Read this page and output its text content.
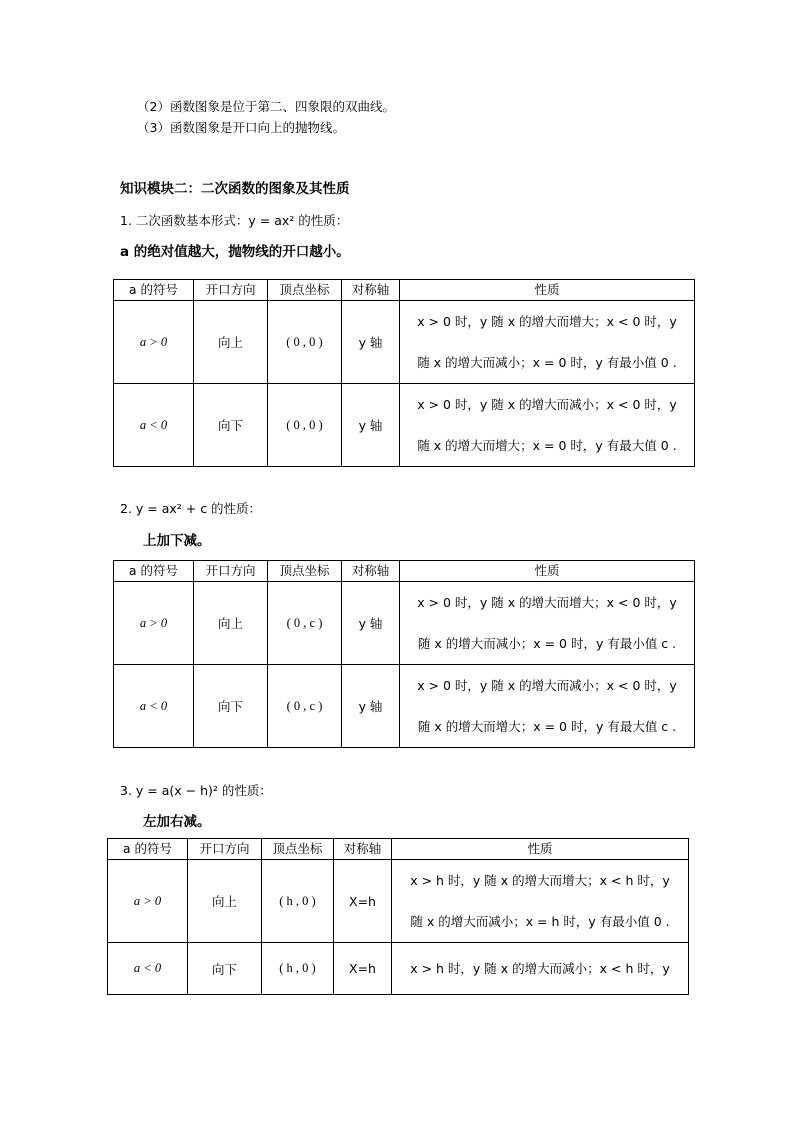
（2）函数图象是位于第二、四象限的双曲线。
（3）函数图象是开口向上的抛物线。
知识模块二：二次函数的图象及其性质
1. 二次函数基本形式：y = ax² 的性质：
a 的绝对值越大，抛物线的开口越小。
a 的符号	开口方向	顶点坐标	对称轴	性质
a > 0	向上	( 0 , 0 )	y 轴	x > 0 时，y 随 x 的增大而增大；x < 0 时，y
随 x 的增大而减小；x = 0 时，y 有最小值 0 .

a < 0	向下	( 0 , 0 )	y 轴	x > 0 时，y 随 x 的增大而减小；x < 0 时，y
随 x 的增大而增大；x = 0 时，y 有最大值 0 .
2. y = ax² + c 的性质：
上加下减。
a 的符号	开口方向	顶点坐标	对称轴	性质
a > 0	向上	( 0 , c )	y 轴	x > 0 时，y 随 x 的增大而增大；x < 0 时，y
随 x 的增大而减小；x = 0 时，y 有最小值 c .

a < 0	向下	( 0 , c )	y 轴	x > 0 时，y 随 x 的增大而减小；x < 0 时，y
随 x 的增大而增大；x = 0 时，y 有最大值 c .
3. y = a(x − h)² 的性质：
左加右减。
a 的符号	开口方向	顶点坐标	对称轴	性质
a > 0	向上	( h , 0 )	X=h	x > h 时，y 随 x 的增大而增大；x < h 时，y
随 x 的增大而减小；x = h 时，y 有最小值 0 .

a < 0	向下	( h , 0 )	X=h	x > h 时，y 随 x 的增大而减小；x < h 时，y
